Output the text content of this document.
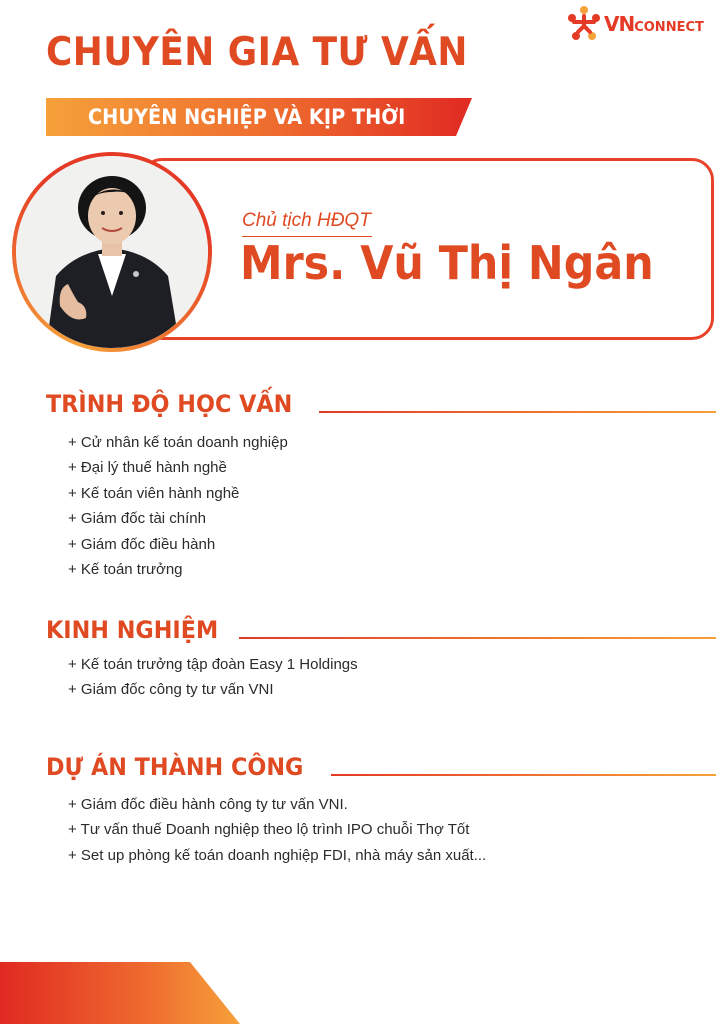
VNCONNECT
CHUYÊN GIA TƯ VẤN
CHUYÊN NGHIỆP VÀ KỊP THỜI
Chủ tịch HĐQT
Mrs. Vũ Thị Ngân
TRÌNH ĐỘ HỌC VẤN
+ Cử nhân kế toán doanh nghiệp
+ Đại lý thuế hành nghề
+ Kế toán viên hành nghề
+ Giám đốc tài chính
+ Giám đốc điều hành
+ Kế toán trưởng
KINH NGHIỆM
+ Kế toán trưởng tập đoàn Easy 1 Holdings
+ Giám đốc công ty tư vấn VNI
DỰ ÁN THÀNH CÔNG
+ Giám đốc điều hành công ty tư vấn VNI.
+ Tư vấn thuế Doanh nghiệp theo lộ trình IPO chuỗi Thợ Tốt
+ Set up phòng kế toán doanh nghiệp FDI, nhà máy sản xuất...
